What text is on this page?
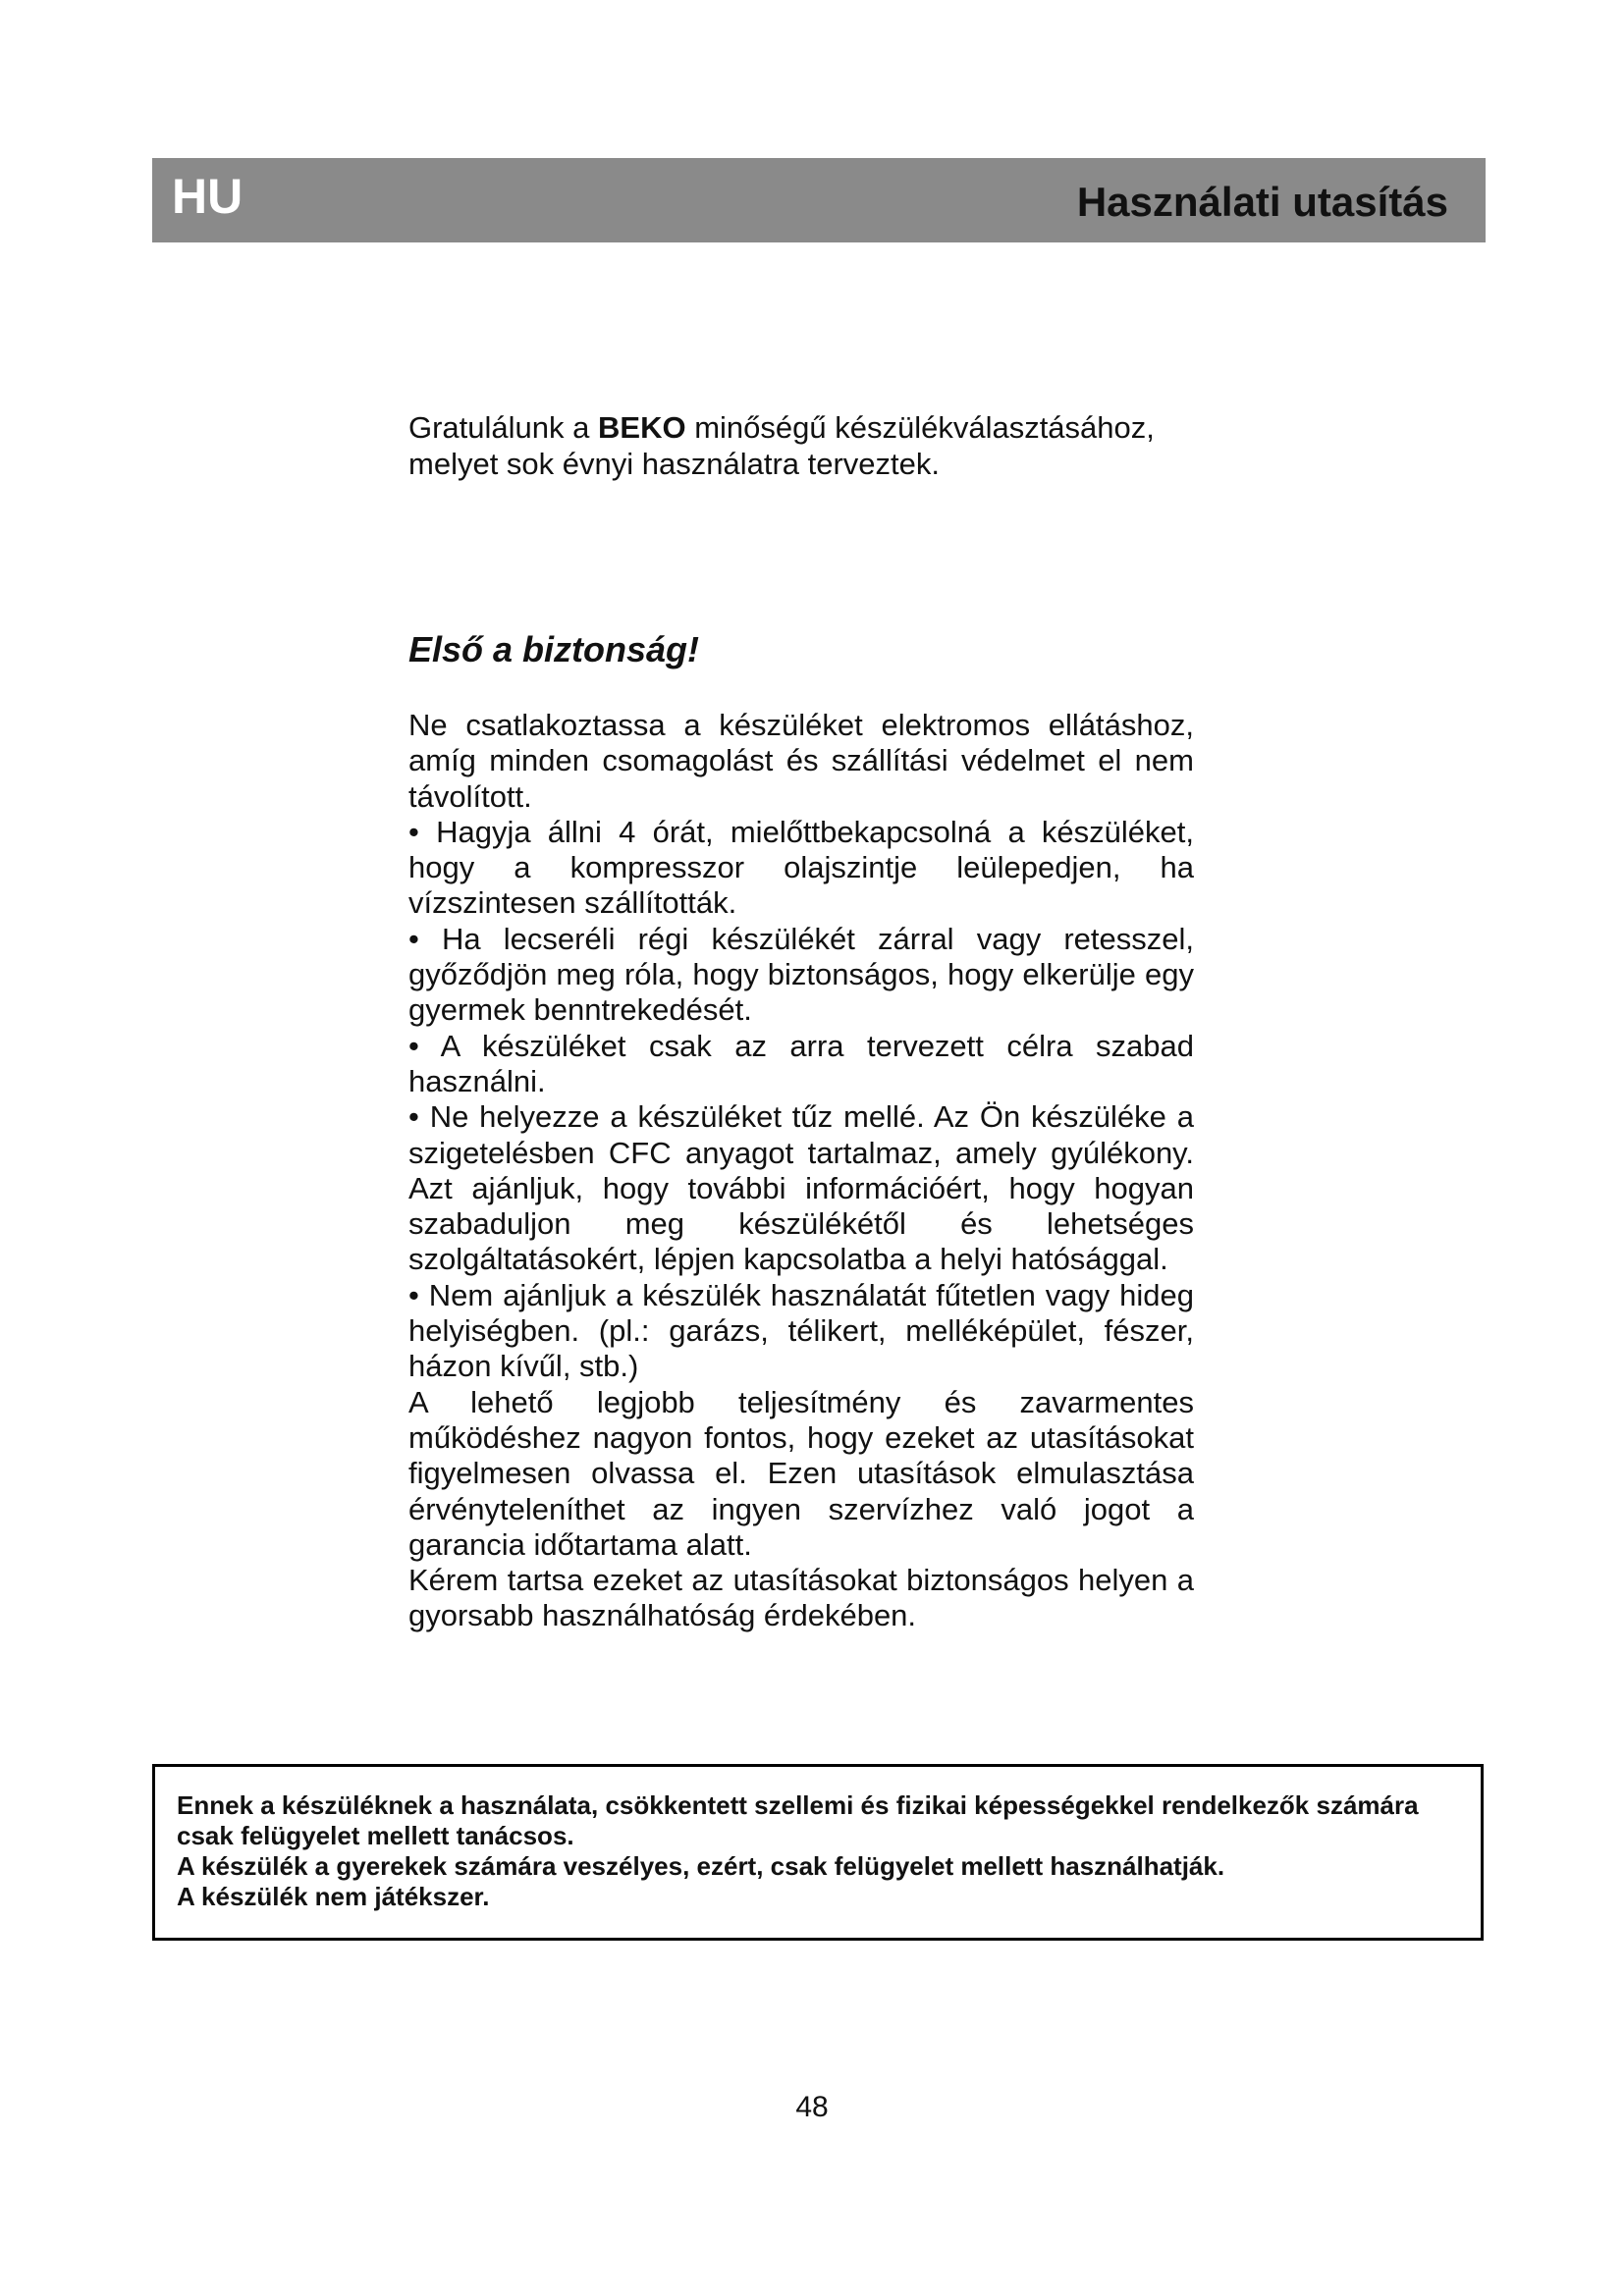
HU	Használati utasítás

Gratulálunk a BEKO minőségű készülékválasztásához,

melyet sok évnyi használatra terveztek.

Első a biztonság!

Ne csatlakoztassa a készüléket elektromos ellátáshoz, amíg minden csomagolást és szállítási védelmet el nem távolított.

• Hagyja állni 4 órát, mielőttbekapcsolná a készüléket, hogy a kompresszor olajszintje leülepedjen, ha vízszintesen szállították.

• Ha lecseréli régi készülékét zárral vagy retesszel, győződjön meg róla, hogy biztonságos, hogy elkerülje egy gyermek benntrekedését.

• A készüléket csak az arra tervezett célra szabad használni.

• Ne helyezze a készüléket tűz mellé. Az Ön készüléke a szigetelésben CFC anyagot tartalmaz, amely gyúlékony. Azt ajánljuk, hogy további információért, hogy hogyan szabaduljon meg készülékétől és lehetséges szolgáltatásokért, lépjen kapcsolatba a helyi hatósággal.

• Nem ajánljuk a készülék használatát fűtetlen vagy hideg helyiségben. (pl.: garázs, télikert, melléképület, fészer, házon kívűl, stb.)

A lehető legjobb teljesítmény és zavarmentes működéshez nagyon fontos, hogy ezeket az utasításokat figyelmesen olvassa el. Ezen utasítások elmulasztása érvényteleníthet az ingyen szervízhez való jogot a garancia időtartama alatt.

Kérem tartsa ezeket az utasításokat biztonságos helyen a gyorsabb használhatóság érdekében.

Ennek a készüléknek a használata, csökkentett szellemi és fizikai képességekkel rendelkezők számára csak felügyelet mellett tanácsos.

A készülék a gyerekek számára veszélyes, ezért, csak felügyelet mellett használhatják.

A készülék nem játékszer.

48
